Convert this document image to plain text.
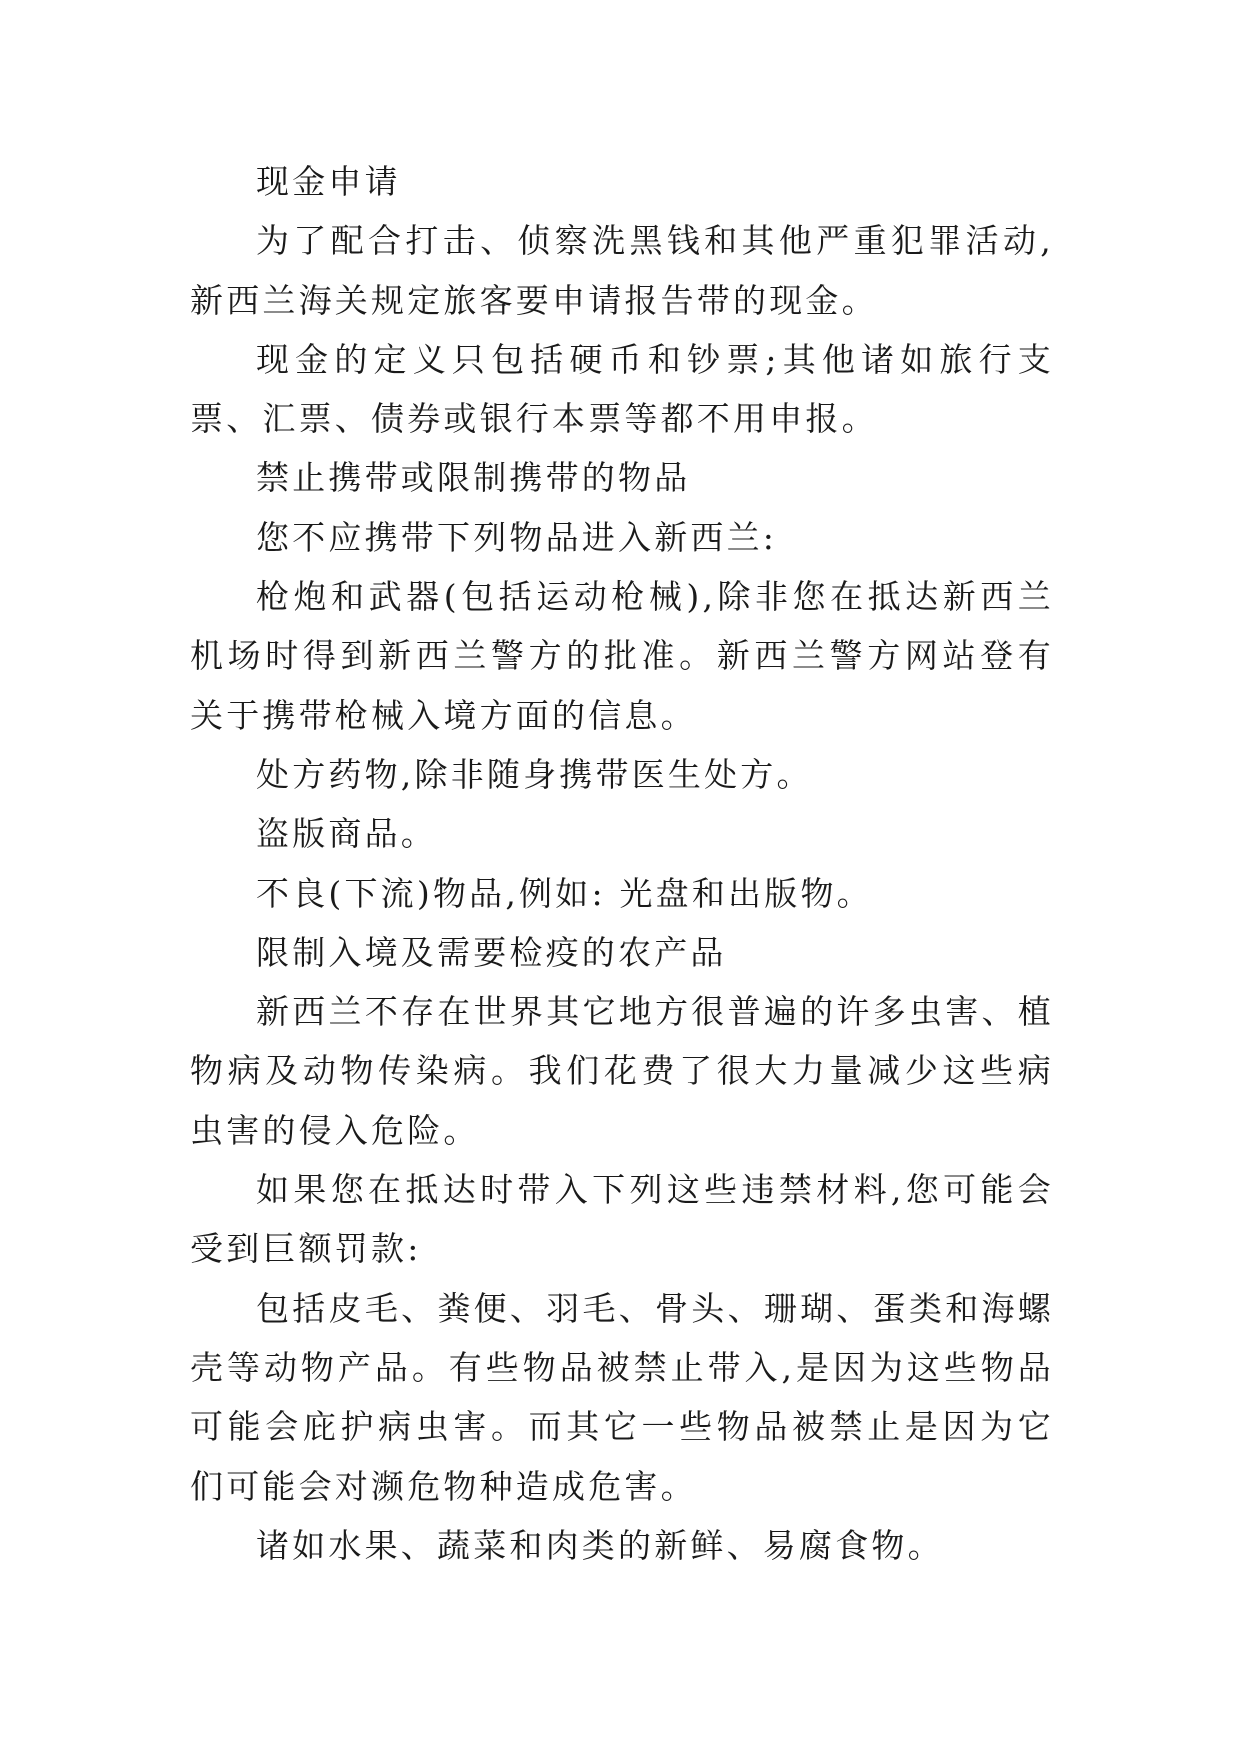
现金申请

为了配合打击、侦察洗黑钱和其他严重犯罪活动,新西兰海关规定旅客要申请报告带的现金。

现金的定义只包括硬币和钞票;其他诸如旅行支票、汇票、债券或银行本票等都不用申报。

禁止携带或限制携带的物品

您不应携带下列物品进入新西兰:

枪炮和武器(包括运动枪械),除非您在抵达新西兰机场时得到新西兰警方的批准。新西兰警方网站登有关于携带枪械入境方面的信息。

处方药物,除非随身携带医生处方。

盗版商品。

不良(下流)物品,例如: 光盘和出版物。

限制入境及需要检疫的农产品

新西兰不存在世界其它地方很普遍的许多虫害、植物病及动物传染病。我们花费了很大力量减少这些病虫害的侵入危险。

如果您在抵达时带入下列这些违禁材料,您可能会受到巨额罚款:

包括皮毛、粪便、羽毛、骨头、珊瑚、蛋类和海螺壳等动物产品。有些物品被禁止带入,是因为这些物品可能会庇护病虫害。而其它一些物品被禁止是因为它们可能会对濒危物种造成危害。

诸如水果、蔬菜和肉类的新鲜、易腐食物。
